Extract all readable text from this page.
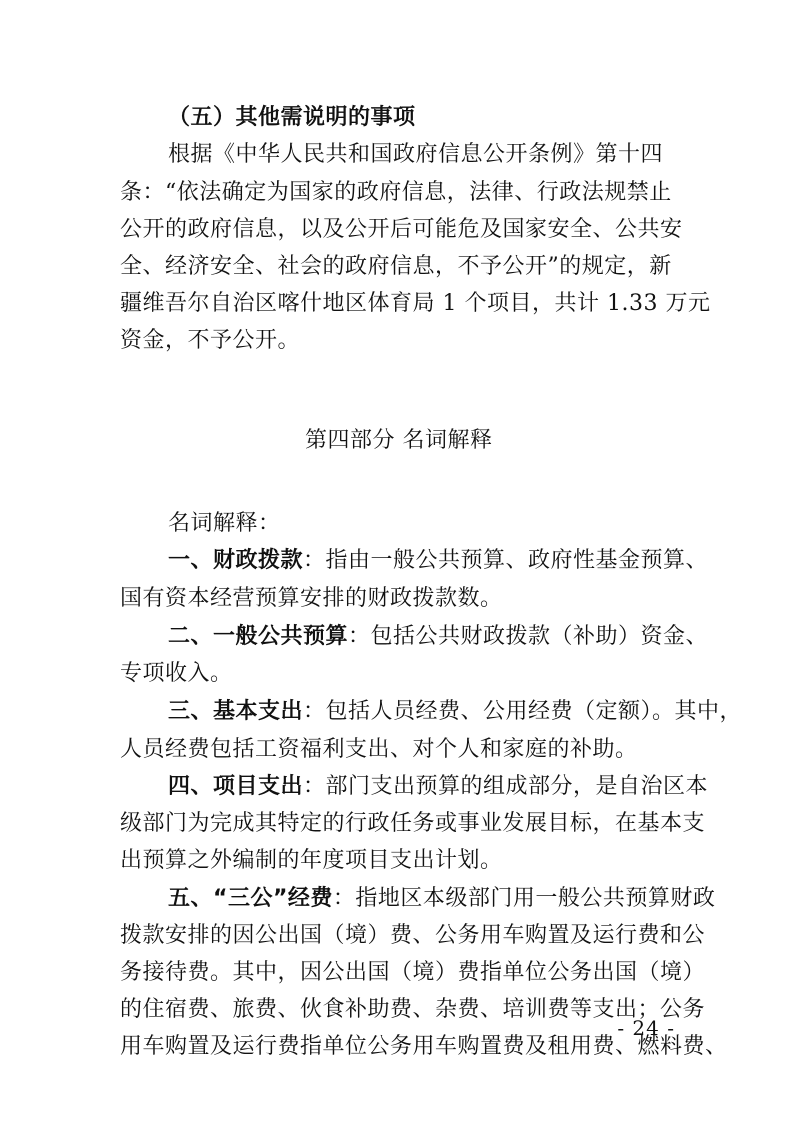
（五）其他需说明的事项
根据《中华人民共和国政府信息公开条例》第十四
条：“依法确定为国家的政府信息，法律、行政法规禁止
公开的政府信息，以及公开后可能危及国家安全、公共安
全、经济安全、社会的政府信息，不予公开”的规定，新
疆维吾尔自治区喀什地区体育局 1 个项目，共计 1.33 万元
资金，不予公开。
第四部分 名词解释
名词解释：
一、财政拨款：指由一般公共预算、政府性基金预算、
国有资本经营预算安排的财政拨款数。
二、一般公共预算：包括公共财政拨款（补助）资金、
专项收入。
三、基本支出：包括人员经费、公用经费（定额）。其中，
人员经费包括工资福利支出、对个人和家庭的补助。
四、项目支出：部门支出预算的组成部分，是自治区本
级部门为完成其特定的行政任务或事业发展目标，在基本支
出预算之外编制的年度项目支出计划。
五、“三公”经费：指地区本级部门用一般公共预算财政
拨款安排的因公出国（境）费、公务用车购置及运行费和公
务接待费。其中，因公出国（境）费指单位公务出国（境）
的住宿费、旅费、伙食补助费、杂费、培训费等支出；公务
用车购置及运行费指单位公务用车购置费及租用费、燃料费、
- 24 -
